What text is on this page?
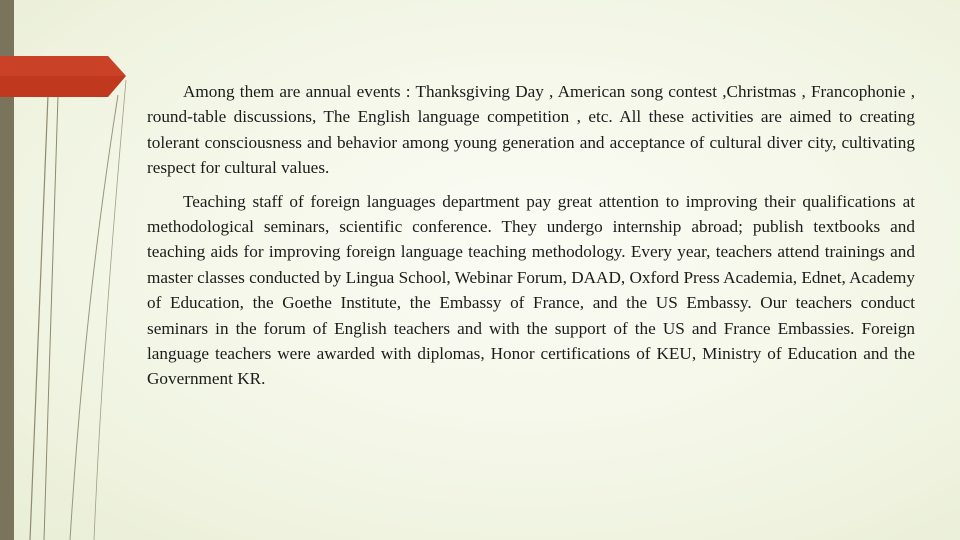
Among them are annual events : Thanksgiving Day , American song contest ,Christmas , Francophonie , round-table discussions, The English language competition , etc. All these activities are aimed to creating tolerant consciousness and behavior among young generation and acceptance of cultural diver city, cultivating respect for cultural values.

Teaching staff of foreign languages department pay great attention to improving their qualifications at methodological seminars, scientific conference. They undergo internship abroad; publish textbooks and teaching aids for improving foreign language teaching methodology. Every year, teachers attend trainings and master classes conducted by Lingua School, Webinar Forum, DAAD, Oxford Press Academia, Ednet, Academy of Education, the Goethe Institute, the Embassy of France, and the US Embassy. Our teachers conduct seminars in the forum of English teachers and with the support of the US and France Embassies. Foreign language teachers were awarded with diplomas, Honor certifications of KEU, Ministry of Education and the Government KR.
